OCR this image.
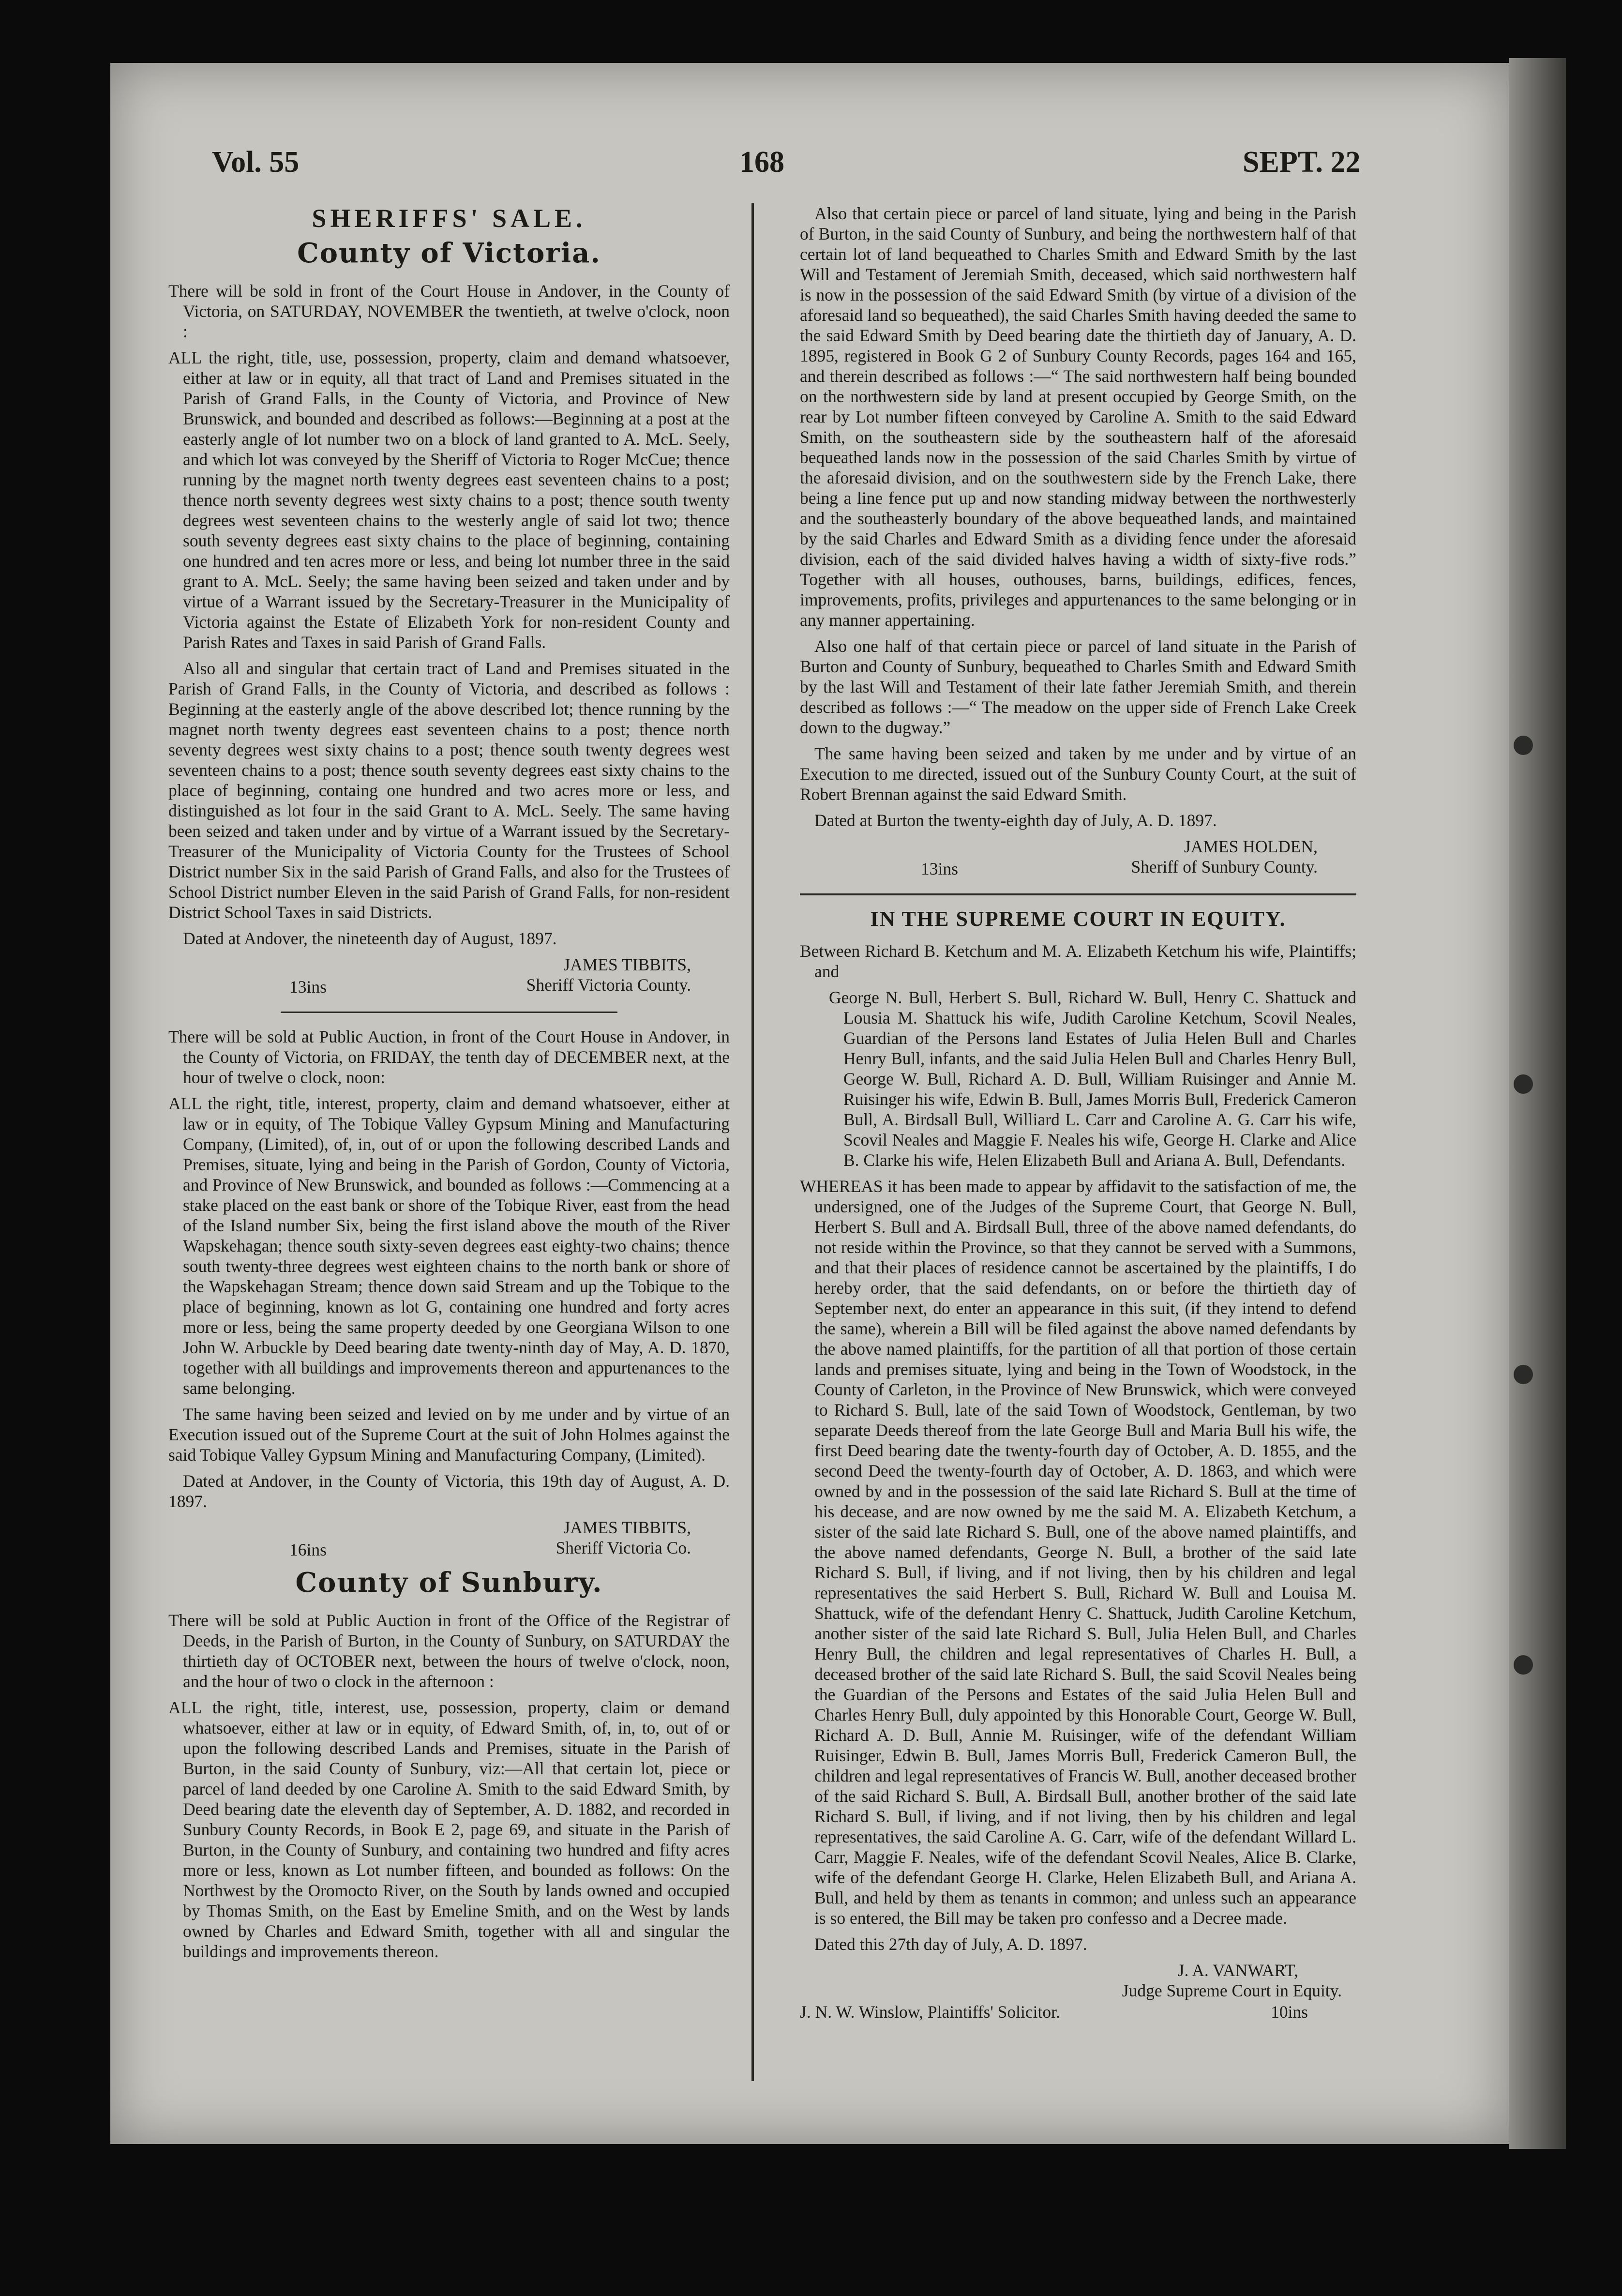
Vol. 55	168	SEPT. 22
SHERIFFS' SALE.
County of Victoria.

There will be sold in front of the Court House in Andover, in the County of Victoria, on SATURDAY, NOVEMBER the twentieth, at twelve o'clock, noon :

ALL the right, title, use, possession, property, claim and demand whatsoever, either at law or in equity, all that tract of Land and Premises situated in the Parish of Grand Falls, in the County of Victoria, and Province of New Brunswick, and bounded and described as follows:—Beginning at a post at the easterly angle of lot number two on a block of land granted to A. McL. Seely, and which lot was conveyed by the Sheriff of Victoria to Roger McCue; thence running by the magnet north twenty degrees east seventeen chains to a post; thence north seventy degrees west sixty chains to a post; thence south twenty degrees west seventeen chains to the westerly angle of said lot two; thence south seventy degrees east sixty chains to the place of beginning, containing one hundred and ten acres more or less, and being lot number three in the said grant to A. McL. Seely; the same having been seized and taken under and by virtue of a Warrant issued by the Secretary-Treasurer in the Municipality of Victoria against the Estate of Elizabeth York for non-resident County and Parish Rates and Taxes in said Parish of Grand Falls.

Also all and singular that certain tract of Land and Premises situated in the Parish of Grand Falls, in the County of Victoria, and described as follows : Beginning at the easterly angle of the above described lot; thence running by the magnet north twenty degrees east seventeen chains to a post; thence north seventy degrees west sixty chains to a post; thence south twenty degrees west seventeen chains to a post; thence south seventy degrees east sixty chains to the place of beginning, containg one hundred and two acres more or less, and distinguished as lot four in the said Grant to A. McL. Seely. The same having been seized and taken under and by virtue of a Warrant issued by the Secretary-Treasurer of the Municipality of Victoria County for the Trustees of School District number Six in the said Parish of Grand Falls, and also for the Trustees of School District number Eleven in the said Parish of Grand Falls, for non-resident District School Taxes in said Districts.

Dated at Andover, the nineteenth day of August, 1897.

JAMES TIBBITS,
13ins	Sheriff Victoria County.

There will be sold at Public Auction, in front of the Court House in Andover, in the County of Victoria, on FRIDAY, the tenth day of DECEMBER next, at the hour of twelve o clock, noon:

ALL the right, title, interest, property, claim and demand whatsoever, either at law or in equity, of The Tobique Valley Gypsum Mining and Manufacturing Company, (Limited), of, in, out of or upon the following described Lands and Premises, situate, lying and being in the Parish of Gordon, County of Victoria, and Province of New Brunswick, and bounded as follows :—Commencing at a stake placed on the east bank or shore of the Tobique River, east from the head of the Island number Six, being the first island above the mouth of the River Wapskehagan; thence south sixty-seven degrees east eighty-two chains; thence south twenty-three degrees west eighteen chains to the north bank or shore of the Wapskehagan Stream; thence down said Stream and up the Tobique to the place of beginning, known as lot G, containing one hundred and forty acres more or less, being the same property deeded by one Georgiana Wilson to one John W. Arbuckle by Deed bearing date twenty-ninth day of May, A. D. 1870, together with all buildings and improvements thereon and appurtenances to the same belonging.

The same having been seized and levied on by me under and by virtue of an Execution issued out of the Supreme Court at the suit of John Holmes against the said Tobique Valley Gypsum Mining and Manufacturing Company, (Limited).

Dated at Andover, in the County of Victoria, this 19th day of August, A. D. 1897.

JAMES TIBBITS,
16ins	Sheriff Victoria Co.
County of Sunbury.

There will be sold at Public Auction in front of the Office of the Registrar of Deeds, in the Parish of Burton, in the County of Sunbury, on SATURDAY the thirtieth day of OCTOBER next, between the hours of twelve o'clock, noon, and the hour of two o clock in the afternoon :

ALL the right, title, interest, use, possession, property, claim or demand whatsoever, either at law or in equity, of Edward Smith, of, in, to, out of or upon the following described Lands and Premises, situate in the Parish of Burton, in the said County of Sunbury, viz:—All that certain lot, piece or parcel of land deeded by one Caroline A. Smith to the said Edward Smith, by Deed bearing date the eleventh day of September, A. D. 1882, and recorded in Sunbury County Records, in Book E 2, page 69, and situate in the Parish of Burton, in the County of Sunbury, and containing two hundred and fifty acres more or less, known as Lot number fifteen, and bounded as follows: On the Northwest by the Oromocto River, on the South by lands owned and occupied by Thomas Smith, on the East by Emeline Smith, and on the West by lands owned by Charles and Edward Smith, together with all and singular the buildings and improvements thereon.

Also that certain piece or parcel of land situate, lying and being in the Parish of Burton, in the said County of Sunbury, and being the northwestern half of that certain lot of land bequeathed to Charles Smith and Edward Smith by the last Will and Testament of Jeremiah Smith, deceased, which said northwestern half is now in the possession of the said Edward Smith (by virtue of a division of the aforesaid land so bequeathed), the said Charles Smith having deeded the same to the said Edward Smith by Deed bearing date the thirtieth day of January, A. D. 1895, registered in Book G 2 of Sunbury County Records, pages 164 and 165, and therein described as follows :—“ The said northwestern half being bounded on the northwestern side by land at present occupied by George Smith, on the rear by Lot number fifteen conveyed by Caroline A. Smith to the said Edward Smith, on the southeastern side by the southeastern half of the aforesaid bequeathed lands now in the possession of the said Charles Smith by virtue of the aforesaid division, and on the southwestern side by the French Lake, there being a line fence put up and now standing midway between the northwesterly and the southeasterly boundary of the above bequeathed lands, and maintained by the said Charles and Edward Smith as a dividing fence under the aforesaid division, each of the said divided halves having a width of sixty-five rods.” Together with all houses, outhouses, barns, buildings, edifices, fences, improvements, profits, privileges and appurtenances to the same belonging or in any manner appertaining.

Also one half of that certain piece or parcel of land situate in the Parish of Burton and County of Sunbury, bequeathed to Charles Smith and Edward Smith by the last Will and Testament of their late father Jeremiah Smith, and therein described as follows :—“ The meadow on the upper side of French Lake Creek down to the dugway.”

The same having been seized and taken by me under and by virtue of an Execution to me directed, issued out of the Sunbury County Court, at the suit of Robert Brennan against the said Edward Smith.

Dated at Burton the twenty-eighth day of July, A. D. 1897.

JAMES HOLDEN,
13ins	Sheriff of Sunbury County.
IN THE SUPREME COURT IN EQUITY.

Between Richard B. Ketchum and M. A. Elizabeth Ketchum his wife, Plaintiffs; and

George N. Bull, Herbert S. Bull, Richard W. Bull, Henry C. Shattuck and Lousia M. Shattuck his wife, Judith Caroline Ketchum, Scovil Neales, Guardian of the Persons land Estates of Julia Helen Bull and Charles Henry Bull, infants, and the said Julia Helen Bull and Charles Henry Bull, George W. Bull, Richard A. D. Bull, William Ruisinger and Annie M. Ruisinger his wife, Edwin B. Bull, James Morris Bull, Frederick Cameron Bull, A. Birdsall Bull, Williard L. Carr and Caroline A. G. Carr his wife, Scovil Neales and Maggie F. Neales his wife, George H. Clarke and Alice B. Clarke his wife, Helen Elizabeth Bull and Ariana A. Bull, Defendants.

WHEREAS it has been made to appear by affidavit to the satisfaction of me, the undersigned, one of the Judges of the Supreme Court, that George N. Bull, Herbert S. Bull and A. Birdsall Bull, three of the above named defendants, do not reside within the Province, so that they cannot be served with a Summons, and that their places of residence cannot be ascertained by the plaintiffs, I do hereby order, that the said defendants, on or before the thirtieth day of September next, do enter an appearance in this suit, (if they intend to defend the same), wherein a Bill will be filed against the above named defendants by the above named plaintiffs, for the partition of all that portion of those certain lands and premises situate, lying and being in the Town of Woodstock, in the County of Carleton, in the Province of New Brunswick, which were conveyed to Richard S. Bull, late of the said Town of Woodstock, Gentleman, by two separate Deeds thereof from the late George Bull and Maria Bull his wife, the first Deed bearing date the twenty-fourth day of October, A. D. 1855, and the second Deed the twenty-fourth day of October, A. D. 1863, and which were owned by and in the possession of the said late Richard S. Bull at the time of his decease, and are now owned by me the said M. A. Elizabeth Ketchum, a sister of the said late Richard S. Bull, one of the above named plaintiffs, and the above named defendants, George N. Bull, a brother of the said late Richard S. Bull, if living, and if not living, then by his children and legal representatives the said Herbert S. Bull, Richard W. Bull and Louisa M. Shattuck, wife of the defendant Henry C. Shattuck, Judith Caroline Ketchum, another sister of the said late Richard S. Bull, Julia Helen Bull, and Charles Henry Bull, the children and legal representatives of Charles H. Bull, a deceased brother of the said late Richard S. Bull, the said Scovil Neales being the Guardian of the Persons and Estates of the said Julia Helen Bull and Charles Henry Bull, duly appointed by this Honorable Court, George W. Bull, Richard A. D. Bull, Annie M. Ruisinger, wife of the defendant William Ruisinger, Edwin B. Bull, James Morris Bull, Frederick Cameron Bull, the children and legal representatives of Francis W. Bull, another deceased brother of the said Richard S. Bull, A. Birdsall Bull, another brother of the said late Richard S. Bull, if living, and if not living, then by his children and legal representatives, the said Caroline A. G. Carr, wife of the defendant Willard L. Carr, Maggie F. Neales, wife of the defendant Scovil Neales, Alice B. Clarke, wife of the defendant George H. Clarke, Helen Elizabeth Bull, and Ariana A. Bull, and held by them as tenants in common; and unless such an appearance is so entered, the Bill may be taken pro confesso and a Decree made.

Dated this 27th day of July, A. D. 1897.

J. A. VANWART,
Judge Supreme Court in Equity.
J. N. W. Winslow, Plaintiffs' Solicitor.	10ins
